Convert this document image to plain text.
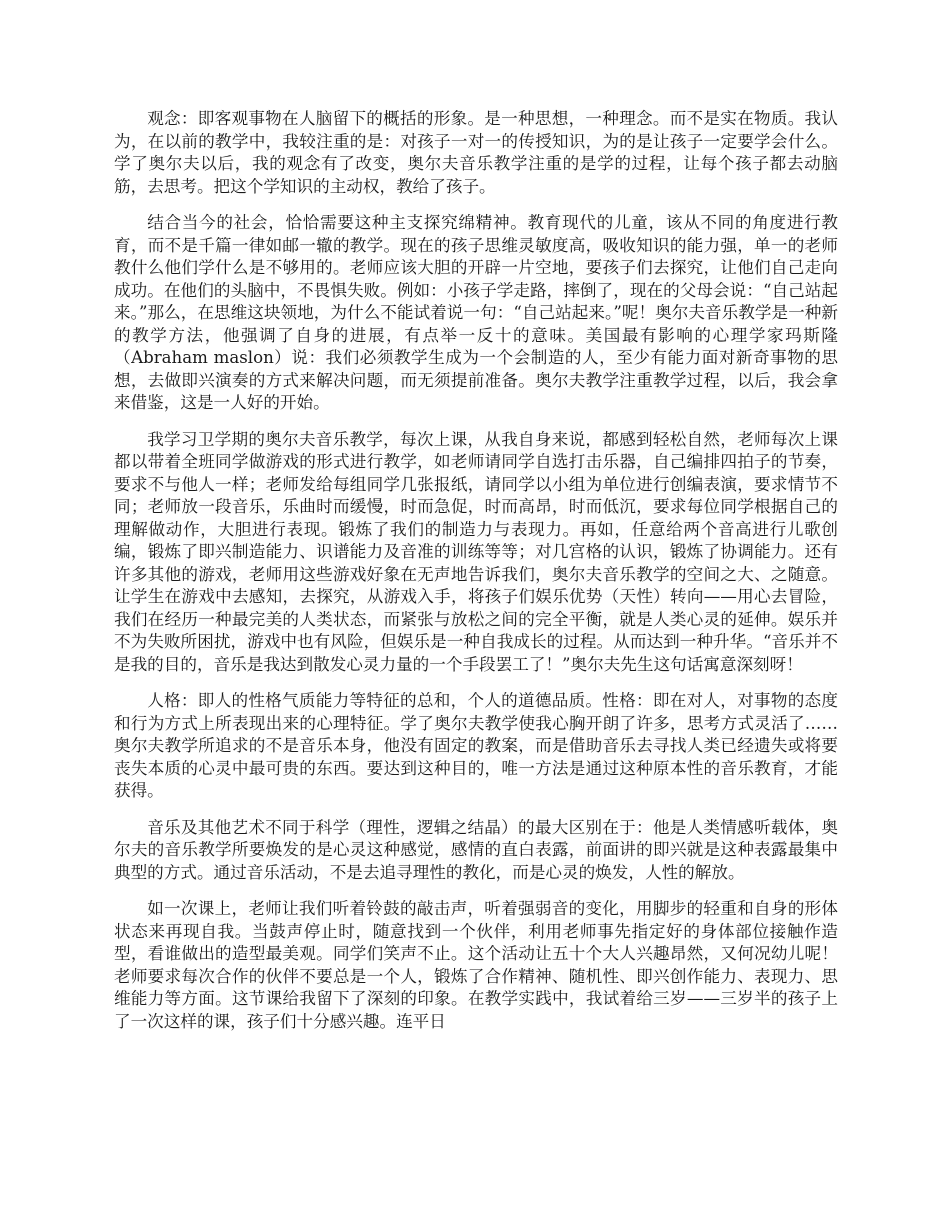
观念：即客观事物在人脑留下的概括的形象。是一种思想，一种理念。而不是实在物质。我认为，在以前的教学中，我较注重的是：对孩子一对一的传授知识，为的是让孩子一定要学会什么。学了奥尔夫以后，我的观念有了改变，奥尔夫音乐教学注重的是学的过程，让每个孩子都去动脑筋，去思考。把这个学知识的主动权，教给了孩子。

结合当今的社会，恰恰需要这种主支探究绵精神。教育现代的儿童，该从不同的角度进行教育，而不是千篇一律如邮一辙的教学。现在的孩子思维灵敏度高，吸收知识的能力强，单一的老师教什么他们学什么是不够用的。老师应该大胆的开辟一片空地，要孩子们去探究，让他们自己走向成功。在他们的头脑中，不畏惧失败。例如：小孩子学走路，摔倒了，现在的父母会说：“自己站起来。”那么，在思维这块领地，为什么不能试着说一句：“自己站起来。”呢！奥尔夫音乐教学是一种新的教学方法，他强调了自身的进展，有点举一反十的意味。美国最有影响的心理学家玛斯隆（Abraham maslon）说：我们必须教学生成为一个会制造的人，至少有能力面对新奇事物的思想，去做即兴演奏的方式来解决问题，而无须提前准备。奥尔夫教学注重教学过程，以后，我会拿来借鉴，这是一人好的开始。

我学习卫学期的奥尔夫音乐教学，每次上课，从我自身来说，都感到轻松自然，老师每次上课都以带着全班同学做游戏的形式进行教学，如老师请同学自选打击乐器，自己编排四拍子的节奏，要求不与他人一样；老师发给每组同学几张报纸，请同学以小组为单位进行创编表演，要求情节不同；老师放一段音乐，乐曲时而缓慢，时而急促，时而高昂，时而低沉，要求每位同学根据自己的理解做动作，大胆进行表现。锻炼了我们的制造力与表现力。再如，任意给两个音高进行儿歌创编，锻炼了即兴制造能力、识谱能力及音准的训练等等；对几宫格的认识，锻炼了协调能力。还有许多其他的游戏，老师用这些游戏好象在无声地告诉我们，奥尔夫音乐教学的空间之大、之随意。让学生在游戏中去感知，去探究，从游戏入手，将孩子们娱乐优势（天性）转向——用心去冒险，我们在经历一种最完美的人类状态，而紧张与放松之间的完全平衡，就是人类心灵的延伸。娱乐并不为失败所困扰，游戏中也有风险，但娱乐是一种自我成长的过程。从而达到一种升华。“音乐并不是我的目的，音乐是我达到散发心灵力量的一个手段罢工了！”奥尔夫先生这句话寓意深刻呀！

人格：即人的性格气质能力等特征的总和，个人的道德品质。性格：即在对人，对事物的态度和行为方式上所表现出来的心理特征。学了奥尔夫教学使我心胸开朗了许多，思考方式灵活了……奥尔夫教学所追求的不是音乐本身，他没有固定的教案，而是借助音乐去寻找人类已经遗失或将要丧失本质的心灵中最可贵的东西。要达到这种目的，唯一方法是通过这种原本性的音乐教育，才能获得。

音乐及其他艺术不同于科学（理性，逻辑之结晶）的最大区别在于：他是人类情感听载体，奥尔夫的音乐教学所要焕发的是心灵这种感觉，感情的直白表露，前面讲的即兴就是这种表露最集中典型的方式。通过音乐活动，不是去追寻理性的教化，而是心灵的焕发，人性的解放。

如一次课上，老师让我们听着铃鼓的敲击声，听着强弱音的变化，用脚步的轻重和自身的形体状态来再现自我。当鼓声停止时，随意找到一个伙伴，利用老师事先指定好的身体部位接触作造型，看谁做出的造型最美观。同学们笑声不止。这个活动让五十个大人兴趣昂然，又何况幼儿呢！老师要求每次合作的伙伴不要总是一个人，锻炼了合作精神、随机性、即兴创作能力、表现力、思维能力等方面。这节课给我留下了深刻的印象。在教学实践中，我试着给三岁——三岁半的孩子上了一次这样的课，孩子们十分感兴趣。连平日
